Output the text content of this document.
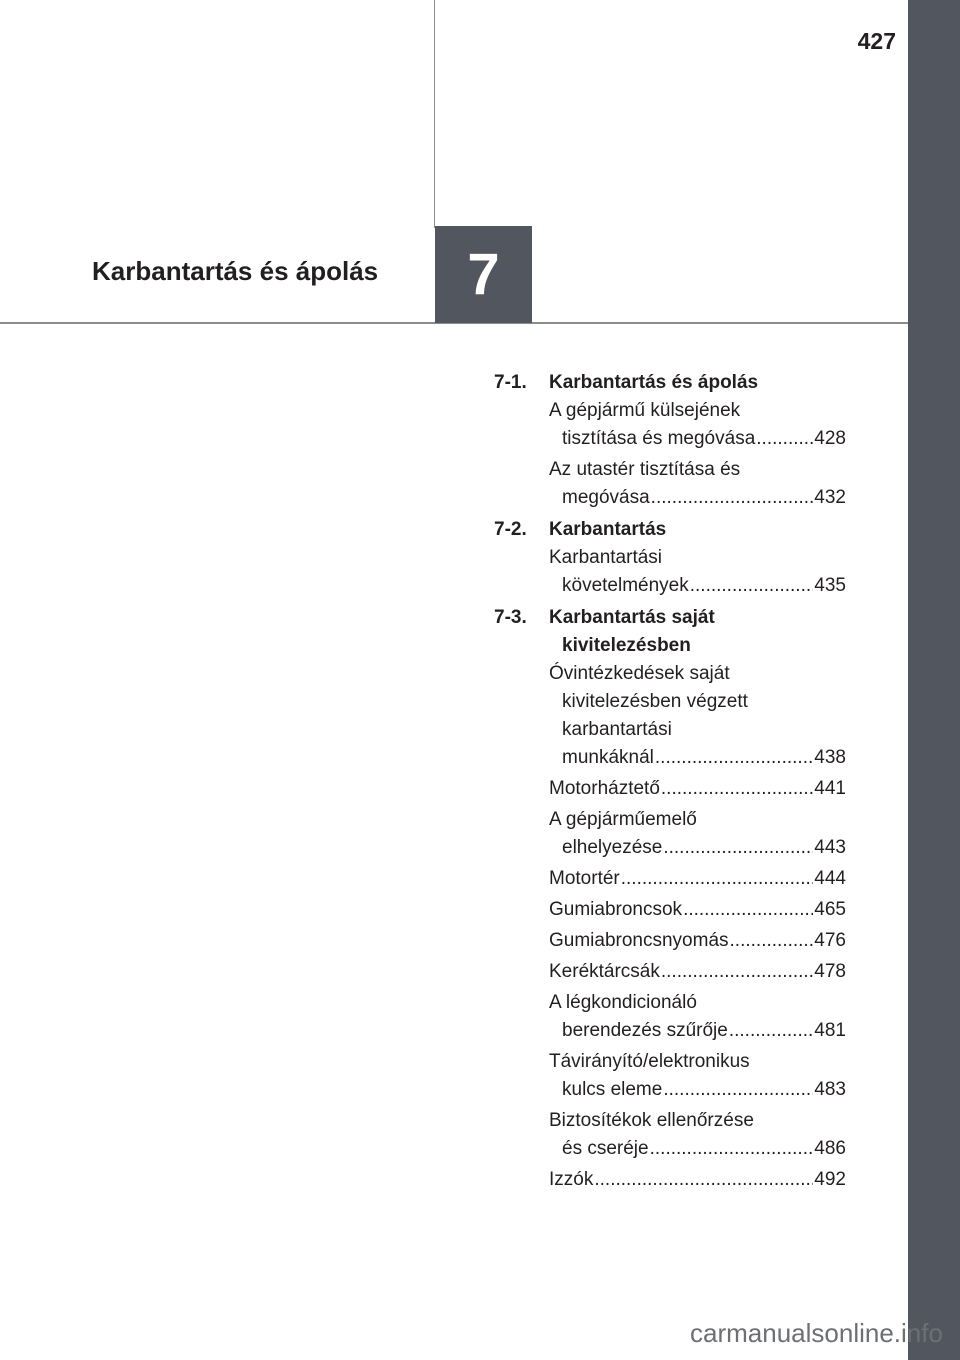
427
7
Karbantartás és ápolás
7-1.	Karbantartás és ápolás
A gépjármű külsejének
tisztítása és megóvása .....	428
Az utastér tisztítása és
megóvása .....	432
7-2.	Karbantartás
Karbantartási
követelmények .....	435
7-3.	Karbantartás saját
kivitelezésben
Óvintézkedések saját
kivitelezésben végzett
karbantartási
munkáknál .....	438
Motorháztető .....	441
A gépjárműemelő
elhelyezése .....	443
Motortér .....	444
Gumiabroncsok .....	465
Gumiabroncsnyomás .....	476
Keréktárcsák .....	478
A légkondicionáló
berendezés szűrője .....	481
Távirányító/elektronikus
kulcs eleme .....	483
Biztosítékok ellenőrzése
és cseréje .....	486
Izzók .....	492
carmanualsonline.info
